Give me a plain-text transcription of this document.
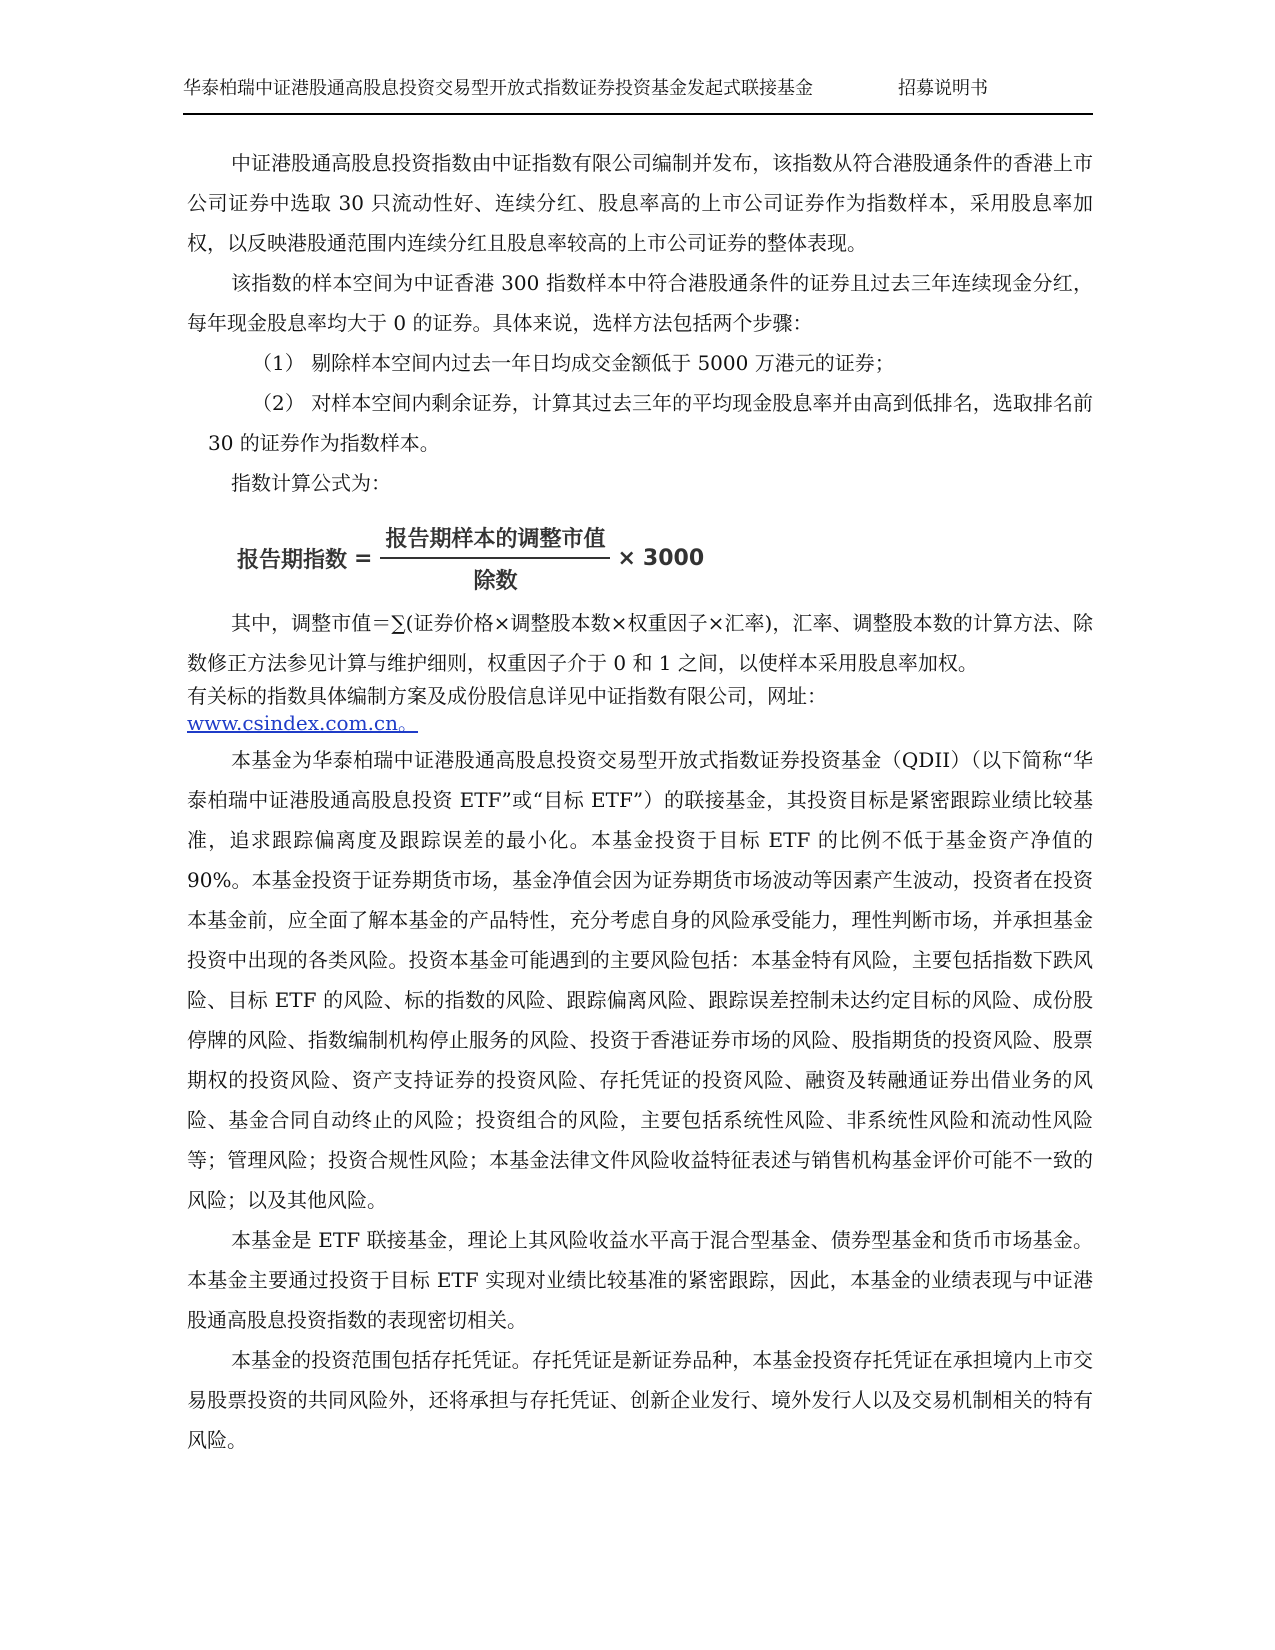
华泰柏瑞中证港股通高股息投资交易型开放式指数证券投资基金发起式联接基金	招募说明书

中证港股通高股息投资指数由中证指数有限公司编制并发布，该指数从符合港股通条件的香港上市公司证券中选取 30 只流动性好、连续分红、股息率高的上市公司证券作为指数样本，采用股息率加权，以反映港股通范围内连续分红且股息率较高的上市公司证券的整体表现。

该指数的样本空间为中证香港 300 指数样本中符合港股通条件的证券且过去三年连续现金分红，每年现金股息率均大于 0 的证券。具体来说，选样方法包括两个步骤：

（1） 剔除样本空间内过去一年日均成交金额低于 5000 万港元的证券；

（2） 对样本空间内剩余证券，计算其过去三年的平均现金股息率并由高到低排名，选取排名前 30 的证券作为指数样本。

指数计算公式为：

报告期指数 = $\frac{\text{报告期样本的调整市值}}{\text{除数}} \times 3000$

其中，调整市值＝∑(证券价格×调整股本数×权重因子×汇率)，汇率、调整股本数的计算方法、除数修正方法参见计算与维护细则，权重因子介于 0 和 1 之间，以使样本采用股息率加权。

有关标的指数具体编制方案及成份股信息详见中证指数有限公司，网址：

www.csindex.com.cn。

本基金为华泰柏瑞中证港股通高股息投资交易型开放式指数证券投资基金（QDII）（以下简称“华泰柏瑞中证港股通高股息投资 ETF”或“目标 ETF”）的联接基金，其投资目标是紧密跟踪业绩比较基准，追求跟踪偏离度及跟踪误差的最小化。本基金投资于目标 ETF 的比例不低于基金资产净值的 90%。本基金投资于证券期货市场，基金净值会因为证券期货市场波动等因素产生波动，投资者在投资本基金前，应全面了解本基金的产品特性，充分考虑自身的风险承受能力，理性判断市场，并承担基金投资中出现的各类风险。投资本基金可能遇到的主要风险包括：本基金特有风险，主要包括指数下跌风险、目标 ETF 的风险、标的指数的风险、跟踪偏离风险、跟踪误差控制未达约定目标的风险、成份股停牌的风险、指数编制机构停止服务的风险、投资于香港证券市场的风险、股指期货的投资风险、股票期权的投资风险、资产支持证券的投资风险、存托凭证的投资风险、融资及转融通证券出借业务的风险、基金合同自动终止的风险；投资组合的风险，主要包括系统性风险、非系统性风险和流动性风险等；管理风险；投资合规性风险；本基金法律文件风险收益特征表述与销售机构基金评价可能不一致的风险；以及其他风险。

本基金是 ETF 联接基金，理论上其风险收益水平高于混合型基金、债券型基金和货币市场基金。本基金主要通过投资于目标 ETF 实现对业绩比较基准的紧密跟踪，因此，本基金的业绩表现与中证港股通高股息投资指数的表现密切相关。

本基金的投资范围包括存托凭证。存托凭证是新证券品种，本基金投资存托凭证在承担境内上市交易股票投资的共同风险外，还将承担与存托凭证、创新企业发行、境外发行人以及交易机制相关的特有风险。
